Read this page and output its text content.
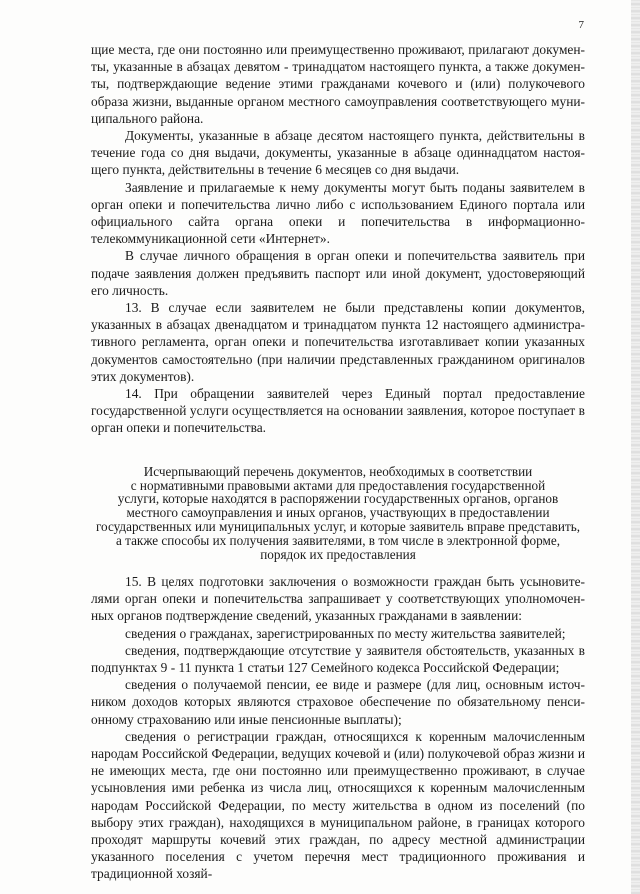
7

щие места, где они постоянно или преимущественно проживают, прилагают документы, указанные в абзацах девятом - тринадцатом настоящего пункта, а также документы, подтверждающие ведение этими гражданами кочевого и (или) полукочевого образа жизни, выданные органом местного самоуправления соответствующего муниципального района.

Документы, указанные в абзаце десятом настоящего пункта, действительны в течение года со дня выдачи, документы, указанные в абзаце одиннадцатом настоящего пункта, действительны в течение 6 месяцев со дня выдачи.

Заявление и прилагаемые к нему документы могут быть поданы заявителем в орган опеки и попечительства лично либо с использованием Единого портала или официального сайта органа опеки и попечительства в информационно-телекоммуникационной сети «Интернет».

В случае личного обращения в орган опеки и попечительства заявитель при подаче заявления должен предъявить паспорт или иной документ, удостоверяющий его личность.

13. В случае если заявителем не были представлены копии документов, указанных в абзацах двенадцатом и тринадцатом пункта 12 настоящего административного регламента, орган опеки и попечительства изготавливает копии указанных документов самостоятельно (при наличии представленных гражданином оригиналов этих документов).

14. При обращении заявителей через Единый портал предоставление государственной услуги осуществляется на основании заявления, которое поступает в орган опеки и попечительства.

Исчерпывающий перечень документов, необходимых в соответствии
с нормативными правовыми актами для предоставления государственной
услуги, которые находятся в распоряжении государственных органов, органов
местного самоуправления и иных органов, участвующих в предоставлении
государственных или муниципальных услуг, и которые заявитель вправе представить,
а также способы их получения заявителями, в том числе в электронной форме,
порядок их предоставления

15. В целях подготовки заключения о возможности граждан быть усыновителями орган опеки и попечительства запрашивает у соответствующих уполномоченных органов подтверждение сведений, указанных гражданами в заявлении:

сведения о гражданах, зарегистрированных по месту жительства заявителей;

сведения, подтверждающие отсутствие у заявителя обстоятельств, указанных в подпунктах 9 - 11 пункта 1 статьи 127 Семейного кодекса Российской Федерации;

сведения о получаемой пенсии, ее виде и размере (для лиц, основным источником доходов которых являются страховое обеспечение по обязательному пенсионному страхованию или иные пенсионные выплаты);

сведения о регистрации граждан, относящихся к коренным малочисленным народам Российской Федерации, ведущих кочевой и (или) полукочевой образ жизни и не имеющих места, где они постоянно или преимущественно проживают, в случае усыновления ими ребенка из числа лиц, относящихся к коренным малочисленным народам Российской Федерации, по месту жительства в одном из поселений (по выбору этих граждан), находящихся в муниципальном районе, в границах которого проходят маршруты кочевий этих граждан, по адресу местной администрации указанного поселения с учетом перечня мест традиционного проживания и традиционной хозяй-
